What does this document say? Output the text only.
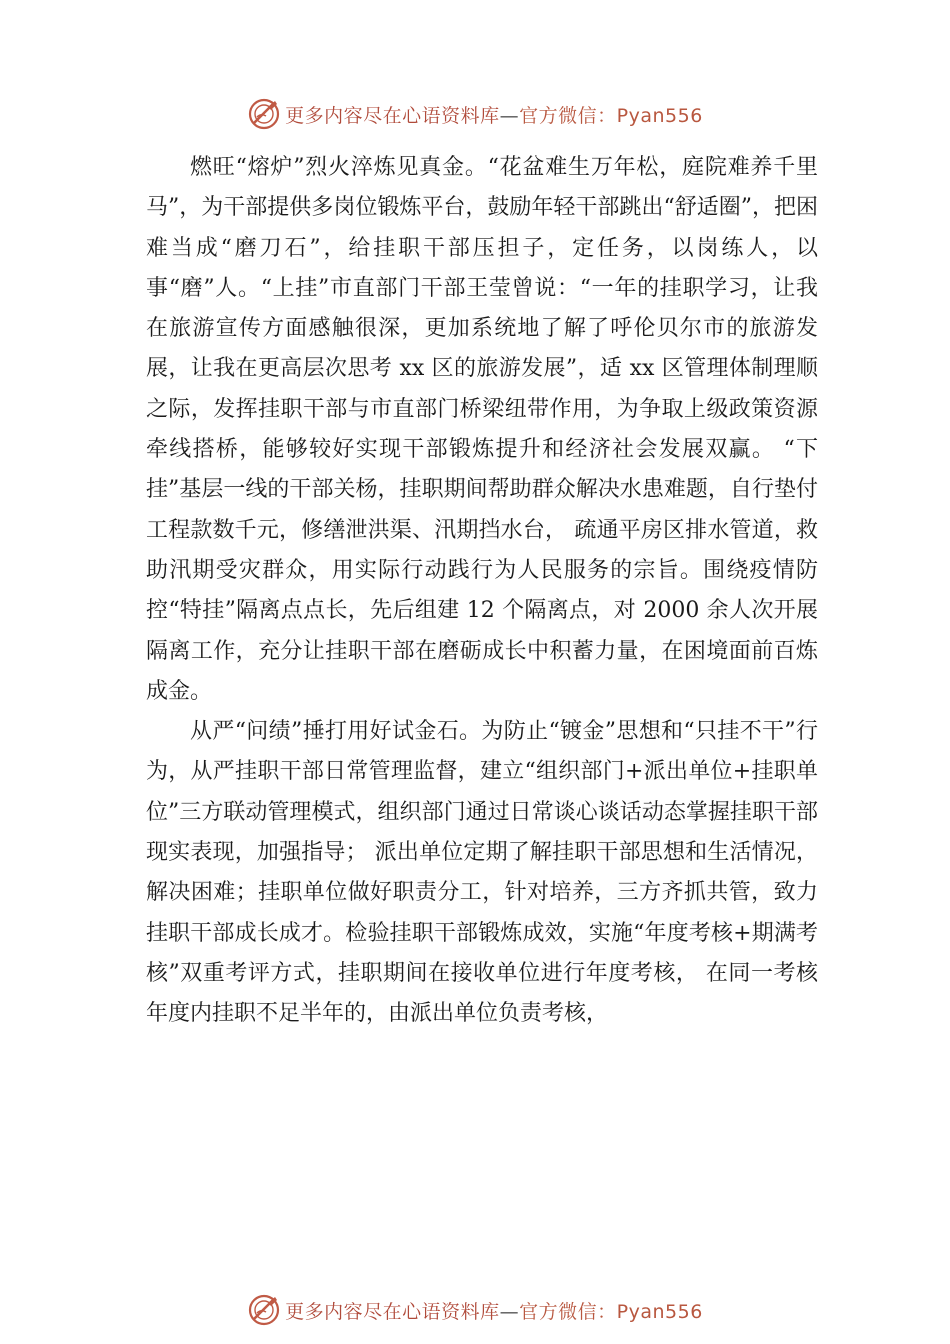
更多内容尽在心语资料库—官方微信：Pyan556

燃旺“熔炉”烈火淬炼见真金。“花盆难生万年松，庭院难养千里马”，为干部提供多岗位锻炼平台，鼓励年轻干部跳出“舒适圈”，把困难当成“磨刀石”，给挂职干部压担子，定任务，以岗练人，以事“磨”人。“上挂”市直部门干部王莹曾说：“一年的挂职学习，让我在旅游宣传方面感触很深，更加系统地了解了呼伦贝尔市的旅游发展，让我在更高层次思考 xx 区的旅游发展”，适 xx 区管理体制理顺之际，发挥挂职干部与市直部门桥梁纽带作用，为争取上级政策资源牵线搭桥，能够较好实现干部锻炼提升和经济社会发展双赢。 “下挂”基层一线的干部关杨，挂职期间帮助群众解决水患难题，自行垫付工程款数千元，修缮泄洪渠、汛期挡水台， 疏通平房区排水管道，救助汛期受灾群众，用实际行动践行为人民服务的宗旨。围绕疫情防控“特挂”隔离点点长，先后组建 12 个隔离点，对 2000 余人次开展隔离工作，充分让挂职干部在磨砺成长中积蓄力量，在困境面前百炼成金。

从严“问绩”捶打用好试金石。为防止“镀金”思想和“只挂不干”行为，从严挂职干部日常管理监督，建立“组织部门+派出单位+挂职单位”三方联动管理模式，组织部门通过日常谈心谈话动态掌握挂职干部现实表现，加强指导； 派出单位定期了解挂职干部思想和生活情况，解决困难；挂职单位做好职责分工，针对培养，三方齐抓共管，致力挂职干部成长成才。检验挂职干部锻炼成效，实施“年度考核+期满考核”双重考评方式，挂职期间在接收单位进行年度考核， 在同一考核年度内挂职不足半年的，由派出单位负责考核，

更多内容尽在心语资料库—官方微信：Pyan556
